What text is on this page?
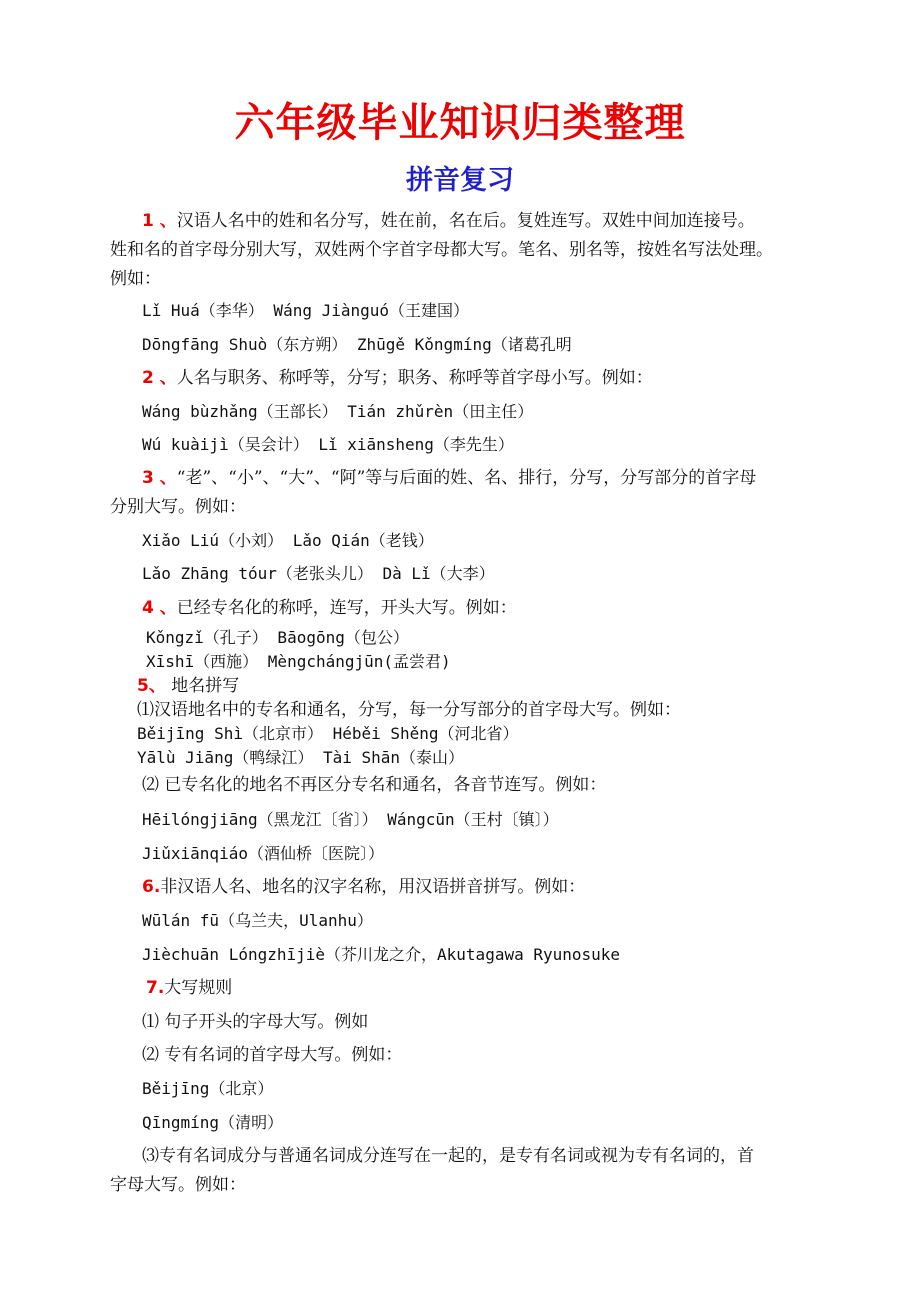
六年级毕业知识归类整理
拼音复习
1 、汉语人名中的姓和名分写，姓在前，名在后。复姓连写。双姓中间加连接号。
姓和名的首字母分别大写，双姓两个字首字母都大写。笔名、别名等，按姓名写法处理。
例如：
Lǐ Huá（李华） Wáng Jiànguó（王建国）
Dōngfāng Shuò（东方朔） Zhūgě Kǒngmíng（诸葛孔明
2 、人名与职务、称呼等，分写；职务、称呼等首字母小写。例如：
Wáng bùzhǎng（王部长） Tián zhǔrèn（田主任）
Wú kuàijì（吴会计） Lǐ xiānsheng（李先生）
3 、“老”、“小”、“大”、“阿”等与后面的姓、名、排行，分写，分写部分的首字母
分别大写。例如：
Xiǎo Liú（小刘） Lǎo Qián（老钱）
Lǎo Zhāng tóur（老张头儿） Dà Lǐ（大李）
4 、已经专名化的称呼，连写，开头大写。例如：
Kǒngzǐ（孔子） Bāogōng（包公）
Xīshī（西施） Mèngchángjūn(孟尝君)
5、 地名拼写
⑴汉语地名中的专名和通名，分写，每一分写部分的首字母大写。例如：
Běijīng Shì（北京市） Héběi Shěng（河北省）
Yālù Jiāng（鸭绿江） Tài Shān（泰山）
⑵ 已专名化的地名不再区分专名和通名，各音节连写。例如：
Hēilóngjiāng（黑龙江〔省〕） Wángcūn（王村〔镇〕）
Jiǔxiānqiáo（酒仙桥〔医院〕）
6.非汉语人名、地名的汉字名称，用汉语拼音拼写。例如：
Wūlán fū（乌兰夫，Ulanhu）
Jièchuān Lóngzhījiè（芥川龙之介，Akutagawa Ryunosuke
7.大写规则
⑴ 句子开头的字母大写。例如
⑵ 专有名词的首字母大写。例如：
Běijīng（北京）
Qīngmíng（清明）
⑶专有名词成分与普通名词成分连写在一起的，是专有名词或视为专有名词的，首
字母大写。例如：
